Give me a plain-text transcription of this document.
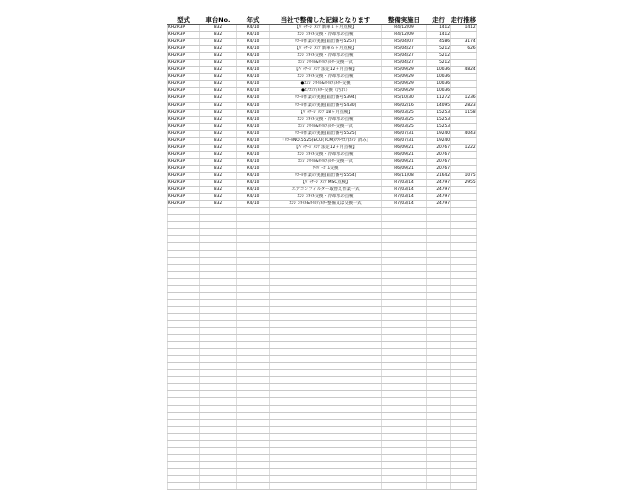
型式	車台No.	年式	当社で整備した記録となります	整備実施日	走行	走行推移
KH2R3P	832	R4/10	【ﾊﾟｯｹｰｼﾞﾒﾝﾃ 新車１ヶ月点検】	R4/12/09	1412	1412
KH2R3P	832	R4/10	ｴﾝｼﾞﾝｵｲﾙ交換・冷却水の点検	R4/12/09	1412	
KH2R3P	832	R4/10	ﾘｺｰﾙ作業の実施[届出番号5257]	R5/04/07	4586	3174
KH2R3P	832	R4/10	【ﾊﾟｯｹｰｼﾞﾒﾝﾃ 新車６ヶ月点検】	R5/04/27	5212	626
KH2R3P	832	R4/10	ｴﾝｼﾞﾝｵｲﾙ交換・冷却水の点検	R5/04/27	5212	
KH2R3P	832	R4/10	ｴﾝｼﾞﾝｵｲﾙ&ｵｲﾙﾌｨﾙﾀｰ交換一式	R5/04/27	5212	
KH2R3P	832	R4/10	【ﾊﾟｯｹｰｼﾞﾒﾝﾃ 法定12ヶ月点検】	R5/09/29	10036	4824
KH2R3P	832	R4/10	ｴﾝｼﾞﾝｵｲﾙ交換・冷却水の点検	R5/09/29	10036	
KH2R3P	832	R4/10	●ｴﾝｼﾞﾝｵｲﾙ&ｵｲﾙﾌｨﾙﾀｰ交換	R5/09/29	10036	
KH2R3P	832	R4/10	●ｴｱｺﾝﾌｨﾙﾀｰ交換（汚れ）	R5/09/29	10036	
KH2R3P	832	R4/10	ﾘｺｰﾙ作業の実施[届出番号5394]	R5/10/30	11272	1236
KH2R3P	832	R4/10	ﾘｺｰﾙ作業の実施[届出番号5430]	R6/02/16	14095	2823
KH2R3P	832	R4/10	【ﾊﾟｯｹｰｼﾞﾒﾝﾃ 18ヶ月点検】	R6/03/25	15253	1158
KH2R3P	832	R4/10	ｴﾝｼﾞﾝｵｲﾙ交換・冷却水の点検	R6/03/25	15253	
KH2R3P	832	R4/10	ｴﾝｼﾞﾝｵｲﾙ&ｵｲﾙﾌｨﾙﾀｰ交換一式	R6/03/25	15253	
KH2R3P	832	R4/10	ﾘｺｰﾙ作業の実施[届出番号5525]	R6/07/31	19240	4043
KH2R3P	832	R4/10	「ﾘｺｰﾙNO.5525(ECU(TCM)ｿﾌﾄｳｴｱ)ｴｲｼﾞ済み」	R6/07/31	19240	
KH2R3P	832	R4/10	【ﾊﾟｯｹｰｼﾞﾒﾝﾃ 法定12ヶ月点検】	R6/09/21	20767	1222
KH2R3P	832	R4/10	ｴﾝｼﾞﾝｵｲﾙ交換・冷却水の点検	R6/09/21	20767	
KH2R3P	832	R4/10	ｴﾝｼﾞﾝｵｲﾙ&ｵｲﾙﾌｨﾙﾀｰ交換一式	R6/09/21	20767	
KH2R3P	832	R4/10	ﾜｲﾊﾟｰｺﾞﾑ交換	R6/09/21	20767	
KH2R3P	832	R4/10	ﾘｺｰﾙ作業の実施[届出番号5554]	R6/11/08	21642	1075
KH2R3P	832	R4/10	【ﾊﾟｯｹｰｼﾞﾒﾝﾃ MSC点検】	R7/03/14	24797	2955
KH2R3P	832	R4/10	エアコンフィルター取替え作業一式	R7/03/14	24797	
KH2R3P	832	R4/10	ｴﾝｼﾞﾝｵｲﾙ交換・冷却水の点検	R7/03/14	24797	
KH2R3P	832	R4/10	ｴﾝｼﾞﾝｵｲﾙ&ｵｲﾙﾌｨﾙﾀｰ整備又は交換一式	R7/03/14	24797	
